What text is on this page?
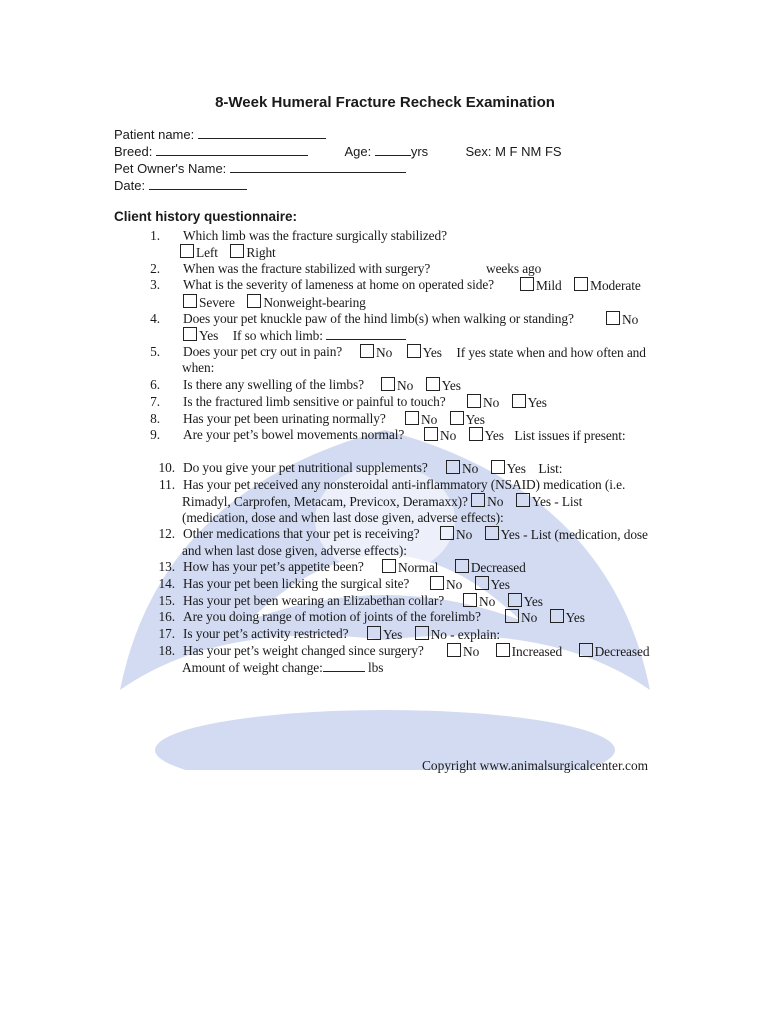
8-Week Humeral Fracture Recheck Examination
Patient name:
Breed:	Age:	yrs	Sex: M F NM FS
Pet Owner's Name:
Date:
Client history questionnaire:
1. Which limb was the fracture surgically stabilized?
Left Right
2. When was the fracture stabilized with surgery?	weeks ago
3. What is the severity of lameness at home on operated side?	Mild Moderate
Severe Nonweight-bearing
4. Does your pet knuckle paw of the hind limb(s) when walking or standing?	No
Yes If so which limb:
5. Does your pet cry out in pain?	No Yes If yes state when and how often and
when:
6. Is there any swelling of the limbs?	No Yes
7. Is the fractured limb sensitive or painful to touch?	No Yes
8. Has your pet been urinating normally?	No Yes
9. Are your pet’s bowel movements normal?	No Yes List issues if present:
10. Do you give your pet nutritional supplements?	No Yes List:
11. Has your pet received any nonsteroidal anti-inflammatory (NSAID) medication (i.e.
Rimadyl, Carprofen, Metacam, Previcox, Deramaxx)? No Yes - List
(medication, dose and when last dose given, adverse effects):
12. Other medications that your pet is receiving?	No Yes - List (medication, dose
and when last dose given, adverse effects):
13. How has your pet’s appetite been?	Normal Decreased
14. Has your pet been licking the surgical site?	No Yes
15. Has your pet been wearing an Elizabethan collar?	No Yes
16. Are you doing range of motion of joints of the forelimb?	No Yes
17. Is your pet’s activity restricted?	Yes No - explain:
18. Has your pet’s weight changed since surgery?	No Increased Decreased
Amount of weight change:	lbs
Copyright www.animalsurgicalcenter.com
